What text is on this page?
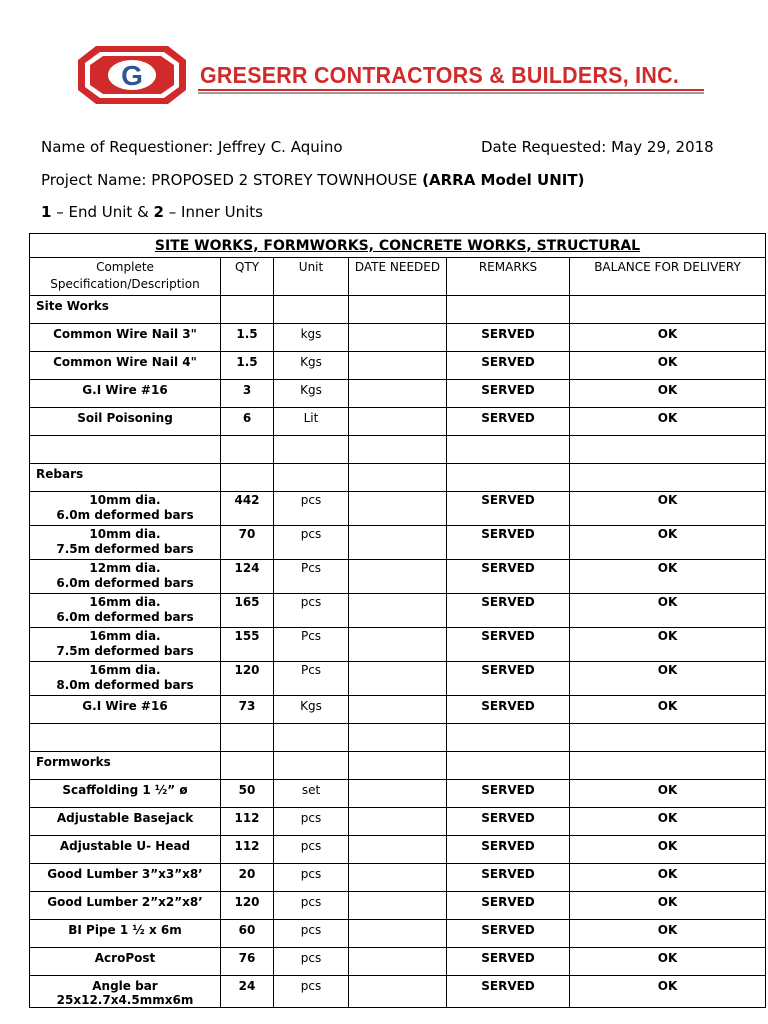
G GRESERR CONTRACTORS & BUILDERS, INC.
Name of Requestioner: Jeffrey C. Aquino	Date Requested: May 29, 2018
Project Name: PROPOSED 2 STOREY TOWNHOUSE (ARRA Model UNIT)
1 – End Unit & 2 – Inner Units
SITE WORKS, FORMWORKS, CONCRETE WORKS, STRUCTURAL					
Complete Specification/Description	QTY	Unit	DATE NEEDED	REMARKS	BALANCE FOR DELIVERY
Site Works					

Common Wire Nail 3"	1.5	kgs		SERVED	OK

Common Wire Nail 4"	1.5	Kgs		SERVED	OK

G.I Wire #16	3	Kgs		SERVED	OK

Soil Poisoning	6	Lit		SERVED	OK

Rebars					

10mm dia.
6.0m deformed bars	442	pcs		SERVED	OK

10mm dia.
7.5m deformed bars	70	pcs		SERVED	OK

12mm dia.
6.0m deformed bars	124	Pcs		SERVED	OK

16mm dia.
6.0m deformed bars	165	pcs		SERVED	OK

16mm dia.
7.5m deformed bars	155	Pcs		SERVED	OK

16mm dia.
8.0m deformed bars	120	Pcs		SERVED	OK

G.I Wire #16	73	Kgs		SERVED	OK

Formworks					

Scaffolding 1 ½” ø	50	set		SERVED	OK

Adjustable Basejack	112	pcs		SERVED	OK

Adjustable U- Head	112	pcs		SERVED	OK

Good Lumber 3”x3”x8’	20	pcs		SERVED	OK

Good Lumber 2”x2”x8’	120	pcs		SERVED	OK

BI Pipe 1 ½ x 6m	60	pcs		SERVED	OK

AcroPost	76	pcs		SERVED	OK

Angle bar 25x12.7x4.5mmx6m	24	pcs		SERVED	OK
